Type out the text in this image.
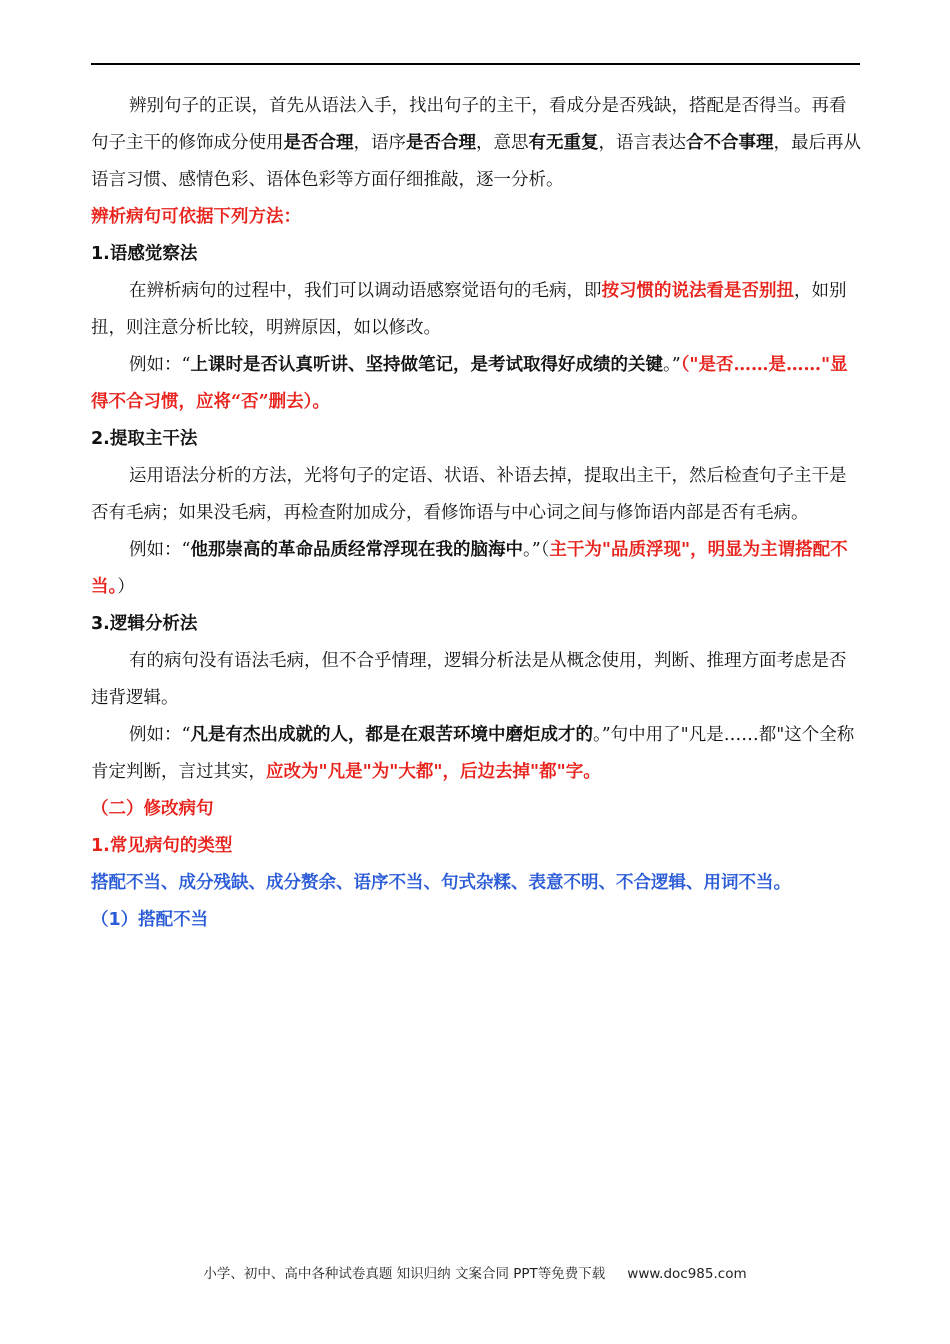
辨别句子的正误，首先从语法入手，找出句子的主干，看成分是否残缺，搭配是否得当。再看句子主干的修饰成分使用是否合理，语序是否合理，意思有无重复，语言表达合不合事理，最后再从语言习惯、感情色彩、语体色彩等方面仔细推敲，逐一分析。

辨析病句可依据下列方法：

1.语感觉察法

在辨析病句的过程中，我们可以调动语感察觉语句的毛病，即按习惯的说法看是否别扭，如别扭，则注意分析比较，明辨原因，如以修改。

例如：“上课时是否认真听讲、坚持做笔记，是考试取得好成绩的关键。”（"是否……是……"显得不合习惯，应将“否”删去）。

2.提取主干法

运用语法分析的方法，光将句子的定语、状语、补语去掉，提取出主干，然后检查句子主干是否有毛病；如果没毛病，再检查附加成分，看修饰语与中心词之间与修饰语内部是否有毛病。

例如：“他那崇高的革命品质经常浮现在我的脑海中。”（主干为"品质浮现"，明显为主谓搭配不当。）

3.逻辑分析法

有的病句没有语法毛病，但不合乎情理，逻辑分析法是从概念使用，判断、推理方面考虑是否违背逻辑。

例如：“凡是有杰出成就的人，都是在艰苦环境中磨炬成才的。”句中用了"凡是……都"这个全称肯定判断，言过其实，应改为"凡是"为"大都"，后边去掉"都"字。

（二）修改病句

1.常见病句的类型

搭配不当、成分残缺、成分赘余、语序不当、句式杂糅、表意不明、不合逻辑、用词不当。

（1）搭配不当

小学、初中、高中各种试卷真题 知识归纳 文案合同 PPT等免费下载 www.doc985.com
